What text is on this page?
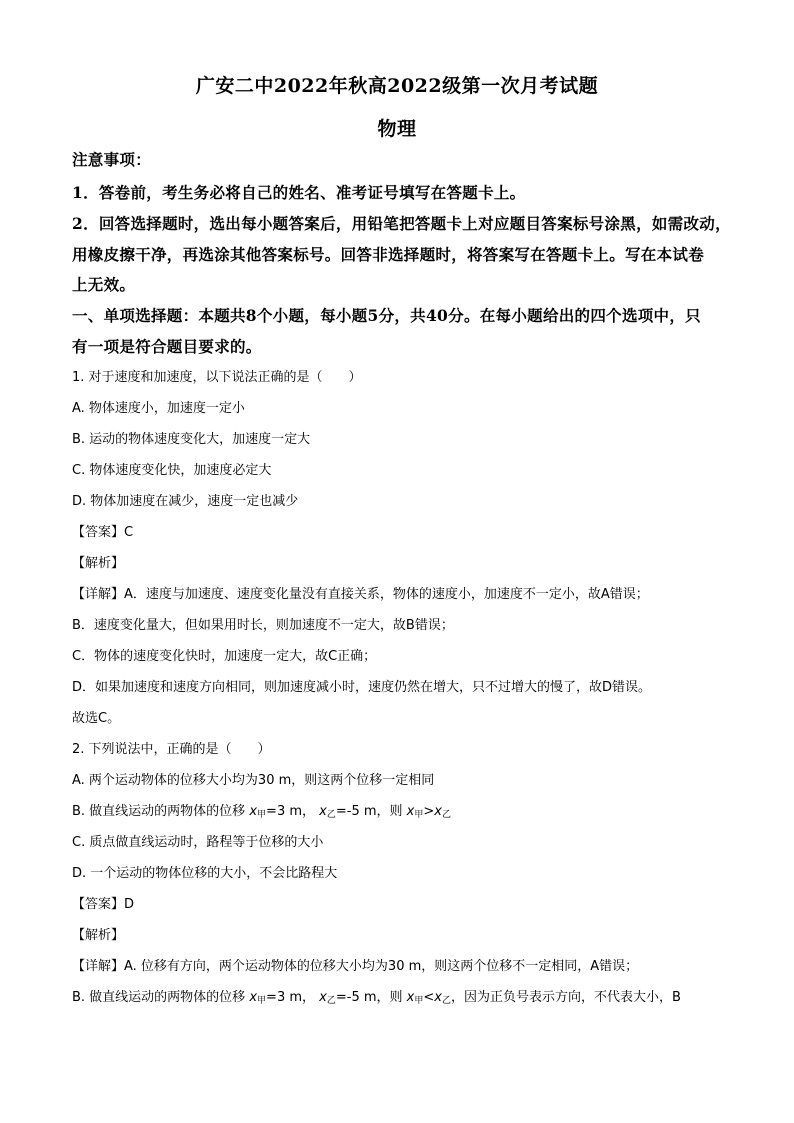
广安二中2022年秋高2022级第一次月考试题
物理
注意事项：
1．答卷前，考生务必将自己的姓名、准考证号填写在答题卡上。
2．回答选择题时，选出每小题答案后，用铅笔把答题卡上对应题目答案标号涂黑，如需改动，
用橡皮擦干净，再选涂其他答案标号。回答非选择题时，将答案写在答题卡上。写在本试卷
上无效。
一、单项选择题：本题共8个小题，每小题5分，共40分。在每小题给出的四个选项中，只
有一项是符合题目要求的。
1. 对于速度和加速度，以下说法正确的是（　　）
A. 物体速度小，加速度一定小
B. 运动的物体速度变化大，加速度一定大
C. 物体速度变化快，加速度必定大
D. 物体加速度在减少，速度一定也减少
【答案】C
【解析】
【详解】A．速度与加速度、速度变化量没有直接关系，物体的速度小，加速度不一定小，故A错误；
B．速度变化量大，但如果用时长，则加速度不一定大，故B错误；
C．物体的速度变化快时，加速度一定大，故C正确；
D．如果加速度和速度方向相同，则加速度减小时，速度仍然在增大，只不过增大的慢了，故D错误。
故选C。
2. 下列说法中，正确的是（　　）
A. 两个运动物体的位移大小均为30 m，则这两个位移一定相同
B. 做直线运动的两物体的位移 x甲=3 m， x乙=-5 m，则 x甲>x乙
C. 质点做直线运动时，路程等于位移的大小
D. 一个运动的物体位移的大小，不会比路程大
【答案】D
【解析】
【详解】A. 位移有方向，两个运动物体的位移大小均为30 m，则这两个位移不一定相同，A错误；
B. 做直线运动的两物体的位移 x甲=3 m， x乙=-5 m，则 x甲<x乙，因为正负号表示方向，不代表大小，B
